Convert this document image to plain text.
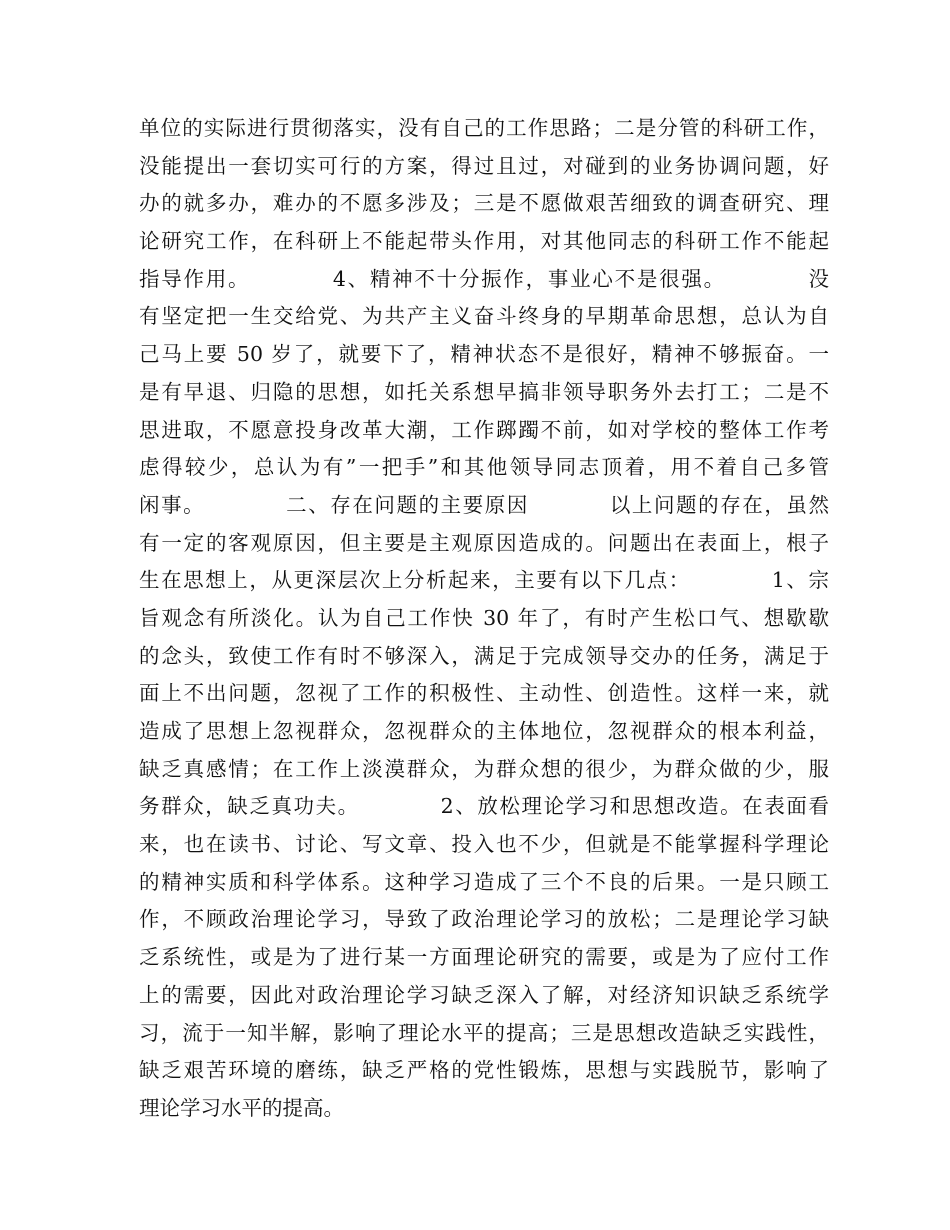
单位的实际进行贯彻落实，没有自己的工作思路；二是分管的科研工作，
没能提出一套切实可行的方案，得过且过，对碰到的业务协调问题，好
办的就多办，难办的不愿多涉及；三是不愿做艰苦细致的调查研究、理
论研究工作，在科研上不能起带头作用，对其他同志的科研工作不能起
指导作用。          4、精神不十分振作，事业心不是很强。          没
有坚定把一生交给党、为共产主义奋斗终身的早期革命思想，总认为自
己马上要 50 岁了，就要下了，精神状态不是很好，精神不够振奋。一
是有早退、归隐的思想，如托关系想早搞非领导职务外去打工；二是不
思进取，不愿意投身改革大潮，工作踯躅不前，如对学校的整体工作考
虑得较少，总认为有”一把手”和其他领导同志顶着，用不着自己多管
闲事。          二、存在问题的主要原因          以上问题的存在，虽然
有一定的客观原因，但主要是主观原因造成的。问题出在表面上，根子
生在思想上，从更深层次上分析起来，主要有以下几点：          1、宗
旨观念有所淡化。认为自己工作快 30 年了，有时产生松口气、想歇歇
的念头，致使工作有时不够深入，满足于完成领导交办的任务，满足于
面上不出问题，忽视了工作的积极性、主动性、创造性。这样一来，就
造成了思想上忽视群众，忽视群众的主体地位，忽视群众的根本利益，
缺乏真感情；在工作上淡漠群众，为群众想的很少，为群众做的少，服
务群众，缺乏真功夫。          2、放松理论学习和思想改造。在表面看
来，也在读书、讨论、写文章、投入也不少，但就是不能掌握科学理论
的精神实质和科学体系。这种学习造成了三个不良的后果。一是只顾工
作，不顾政治理论学习，导致了政治理论学习的放松；二是理论学习缺
乏系统性，或是为了进行某一方面理论研究的需要，或是为了应付工作
上的需要，因此对政治理论学习缺乏深入了解，对经济知识缺乏系统学
习，流于一知半解，影响了理论水平的提高；三是思想改造缺乏实践性，
缺乏艰苦环境的磨练，缺乏严格的党性锻炼，思想与实践脱节，影响了
理论学习水平的提高。
